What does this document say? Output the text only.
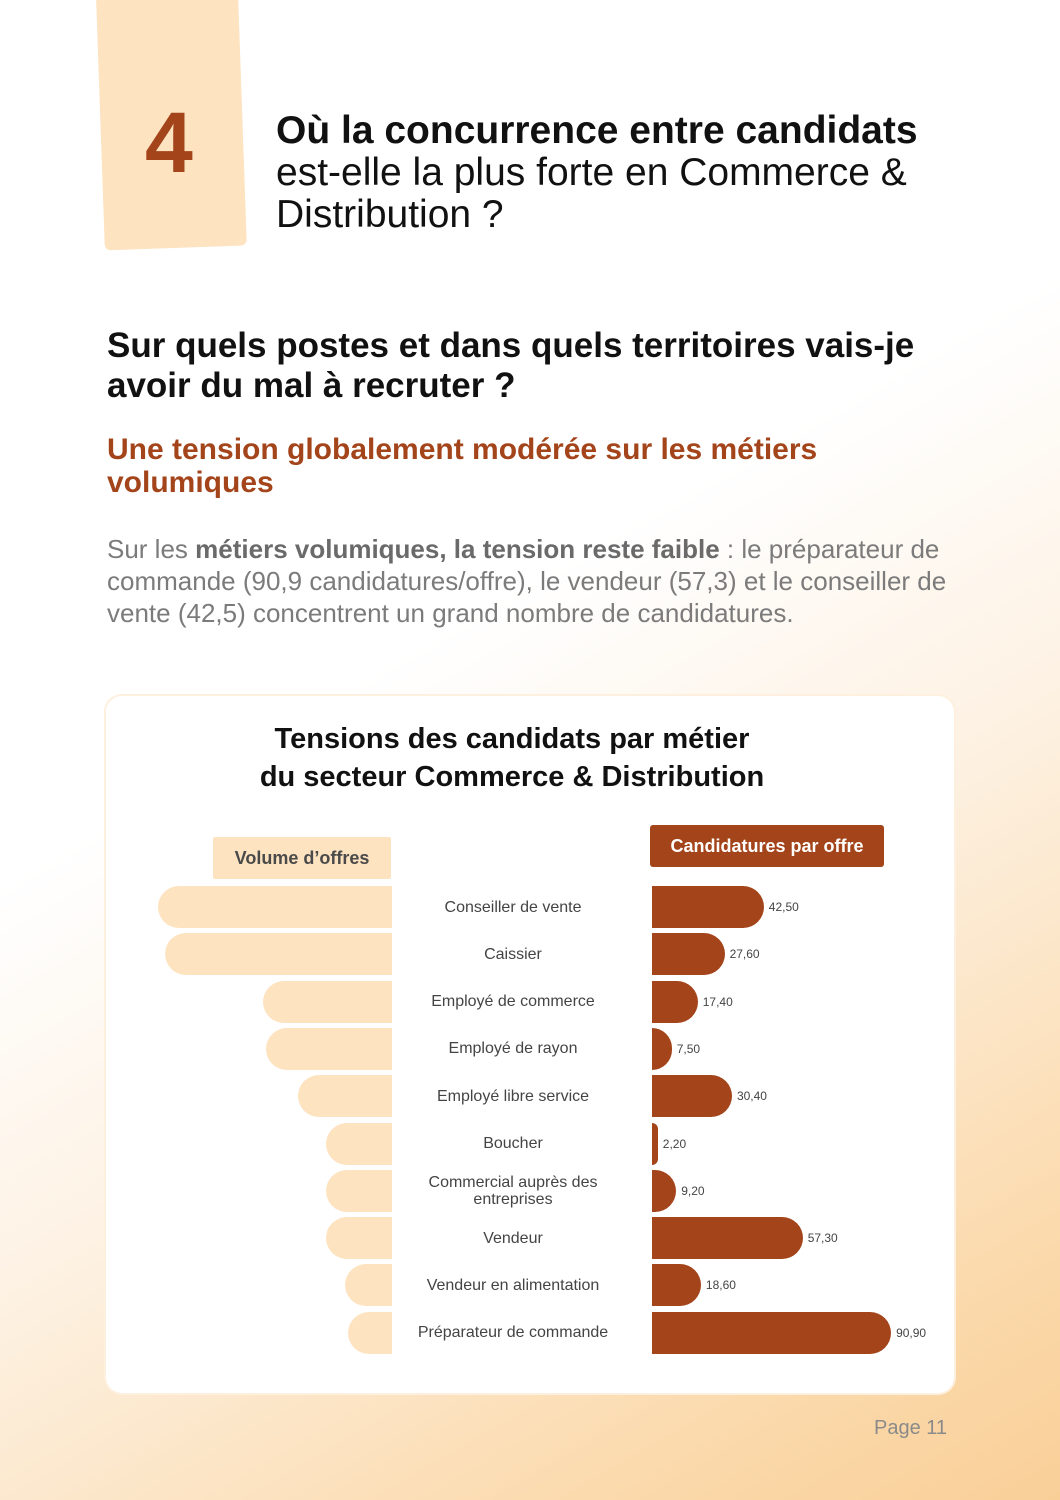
4 Où la concurrence entre candidats
est-elle la plus forte en Commerce & Distribution ?
Sur quels postes et dans quels territoires vais-je avoir du mal à recruter ?
Une tension globalement modérée sur les métiers volumiques
Sur les métiers volumiques, la tension reste faible : le préparateur de commande (90,9 candidatures/offre), le vendeur (57,3) et le conseiller de vente (42,5) concentrent un grand nombre de candidatures.
Tensions des candidats par métier
du secteur Commerce & Distribution
Volume d’offres
Candidatures par offre
Conseiller de vente	42,50
Caissier	27,60
Employé de commerce	17,40
Employé de rayon	7,50
Employé libre service	30,40
Boucher	2,20
Commercial auprès des entreprises	9,20
Vendeur	57,30
Vendeur en alimentation	18,60
Préparateur de commande	90,90
Page 11
